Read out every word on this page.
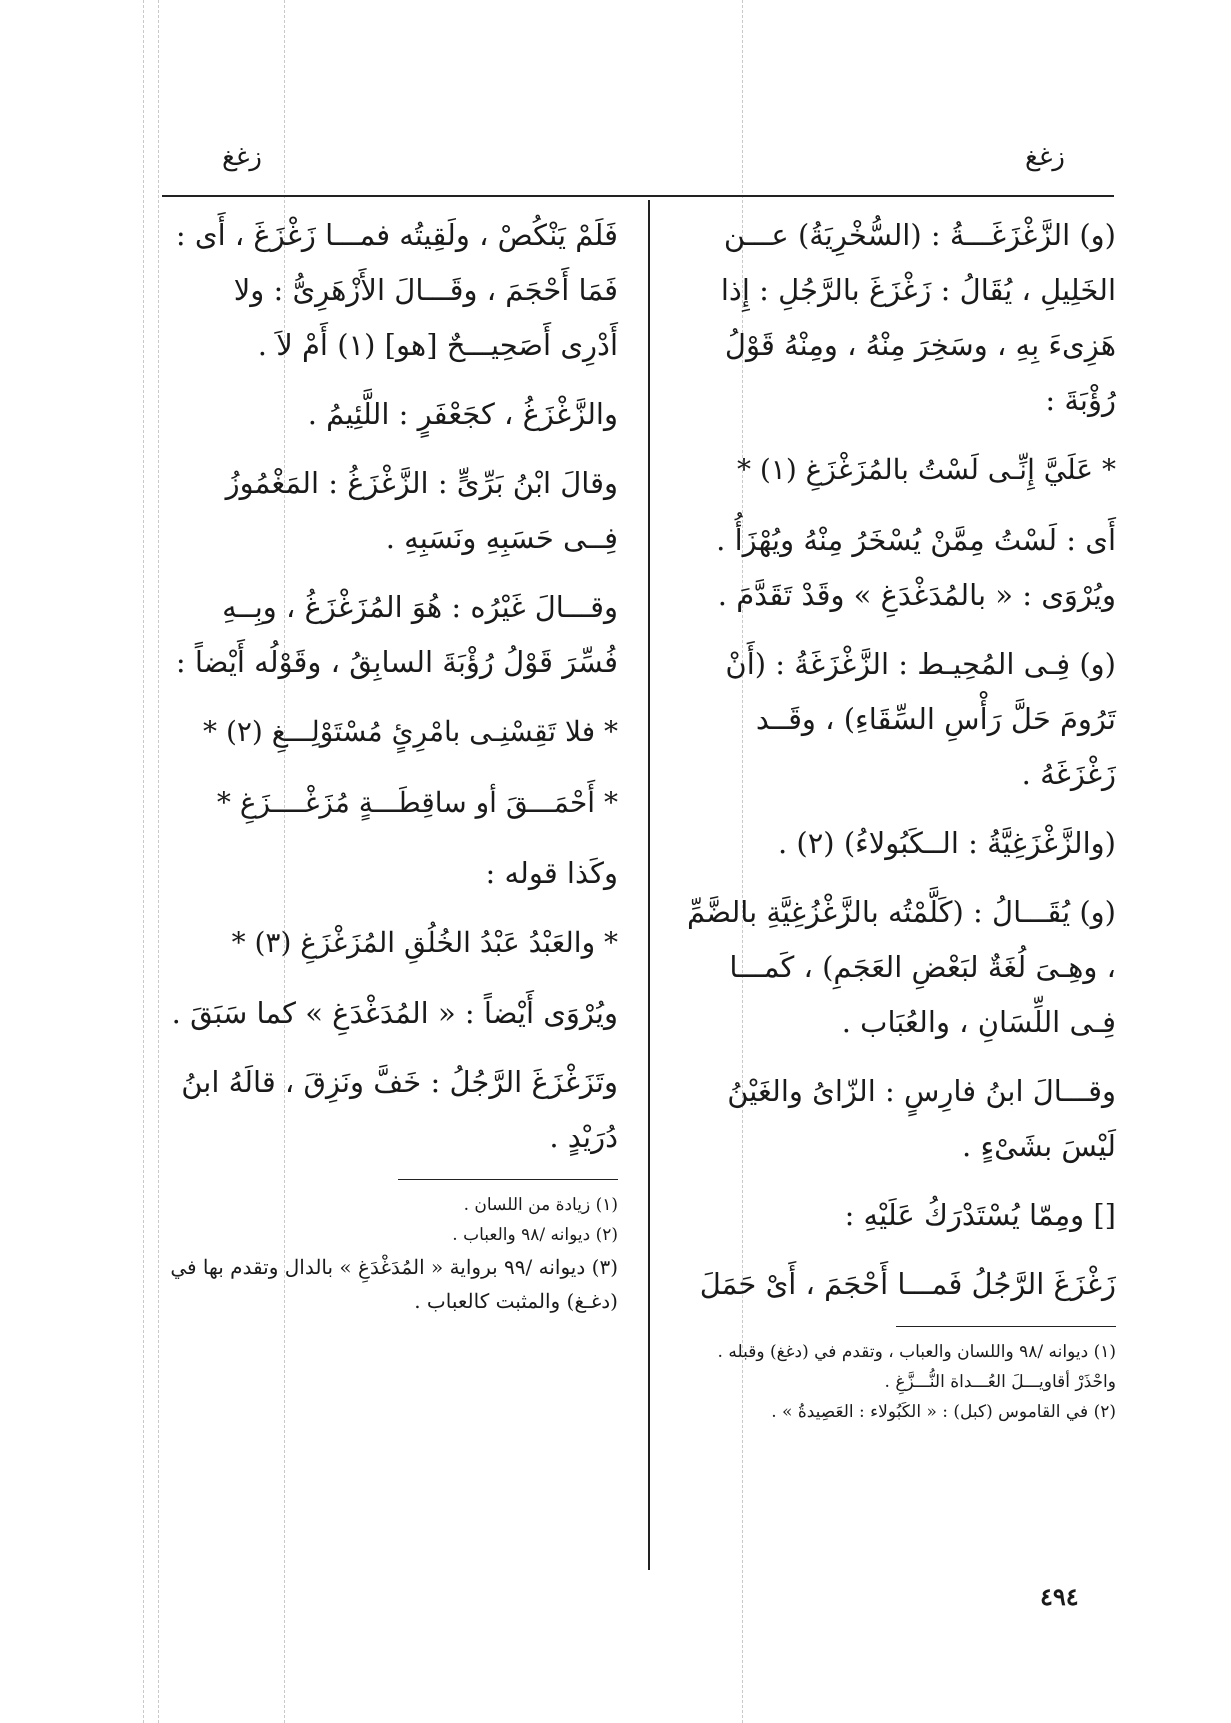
زغغ
زغغ

(و) الزَّغْزَغَـــةُ : (السُّخْرِيَةُ) عـــن الخَلِيلِ ، يُقَالُ : زَغْزَغَ بالرَّجُلِ : إِذا هَزِىءَ بِهِ ، وسَخِرَ مِنْهُ ، ومِنْهُ قَوْلُ رُؤْبَةَ :

* عَلَيَّ إِنِّـى لَسْتُ بالمُزَغْزَغِ (١) *

أَى : لَسْتُ مِمَّنْ يُسْخَرُ مِنْهُ ويُهْزَأُ . ويُرْوَى : « بالمُدَغْدَغِ » وقَدْ تَقَدَّمَ .

(و) فِـى المُحِيـط : الزَّغْزَغَةُ : (أَنْ تَرُومَ حَلَّ رَأْسِ السِّقَاءِ) ، وقَــد زَغْزَغَهُ .

(والزَّغْزَغِيَّةُ : الــكَبُولاءُ) (٢) .

(و) يُقَـــالُ : (كَلَّمْتُه بالزَّغْزُغِيَّةِ بالضَّمِّ ، وهِـىَ لُغَةٌ لبَعْضِ العَجَمِ) ، كَمـــا فِـى اللِّسَانِ ، والعُبَاب .

وقـــالَ ابنُ فارِسٍ : الزّاىُ والغَيْنُ لَيْسَ بشَىْءٍ .

[] ومِمّا يُسْتَدْرَكُ عَلَيْهِ :

زَغْزَغَ الرَّجُلُ فَمـــا أَحْجَمَ ، أَىْ حَمَلَ

(١) ديوانه /٩٨ واللسان والعباب ، وتقدم في (دغغ) وقبله .

واحْذَرْ أقاويـــلَ العُـــداة النُّـــزَّغِ .

(٢) في القاموس (كبل) : « الكَبُولاء : العَصِيدةُ » .

فَلَمْ يَنْكُصْ ، ولَقِيتُه فمـــا زَغْزَغَ ، أَى : فَمَا أَحْجَمَ ، وقَـــالَ الأَزْهَرِىُّ : ولا أَدْرِى أَصَحِيـــحٌ [هو] (١) أَمْ لاَ .

والزَّغْزَغُ ، كجَعْفَرٍ : اللَّئِيمُ .

وقالَ ابْنُ بَرِّىٍّ : الزَّغْزَغُ : المَغْمُوزُ فِــى حَسَبِهِ ونَسَبِهِ .

وقـــالَ غَيْرُه : هُوَ المُزَغْزَغُ ، وبِــهِ فُسِّرَ قَوْلُ رُؤْبَةَ السابِقُ ، وقَوْلُه أَيْضاً :

* فلا تَقِسْنِـى بامْرِئٍ مُسْتَوْلِـــغِ (٢) *

* أَحْمَـــقَ أو ساقِطَـــةٍ مُزَغْــــزَغِ *

وكَذا قوله :

* والعَبْدُ عَبْدُ الخُلُقِ المُزَغْزَغِ (٣) *

ويُرْوَى أَيْضاً : « المُدَغْدَغِ » كما سَبَقَ .

وتَزَغْزَغَ الرَّجُلُ : خَفَّ ونَزِقَ ، قالَهُ ابنُ دُرَيْدٍ .

(١) زيادة من اللسان .

(٢) ديوانه /٩٨ والعباب .

(٣) ديوانه /٩٩ برواية « المُدَغْدَغِ » بالدال وتقدم بها في (دغـغ) والمثبت كالعباب .

٤٩٤
